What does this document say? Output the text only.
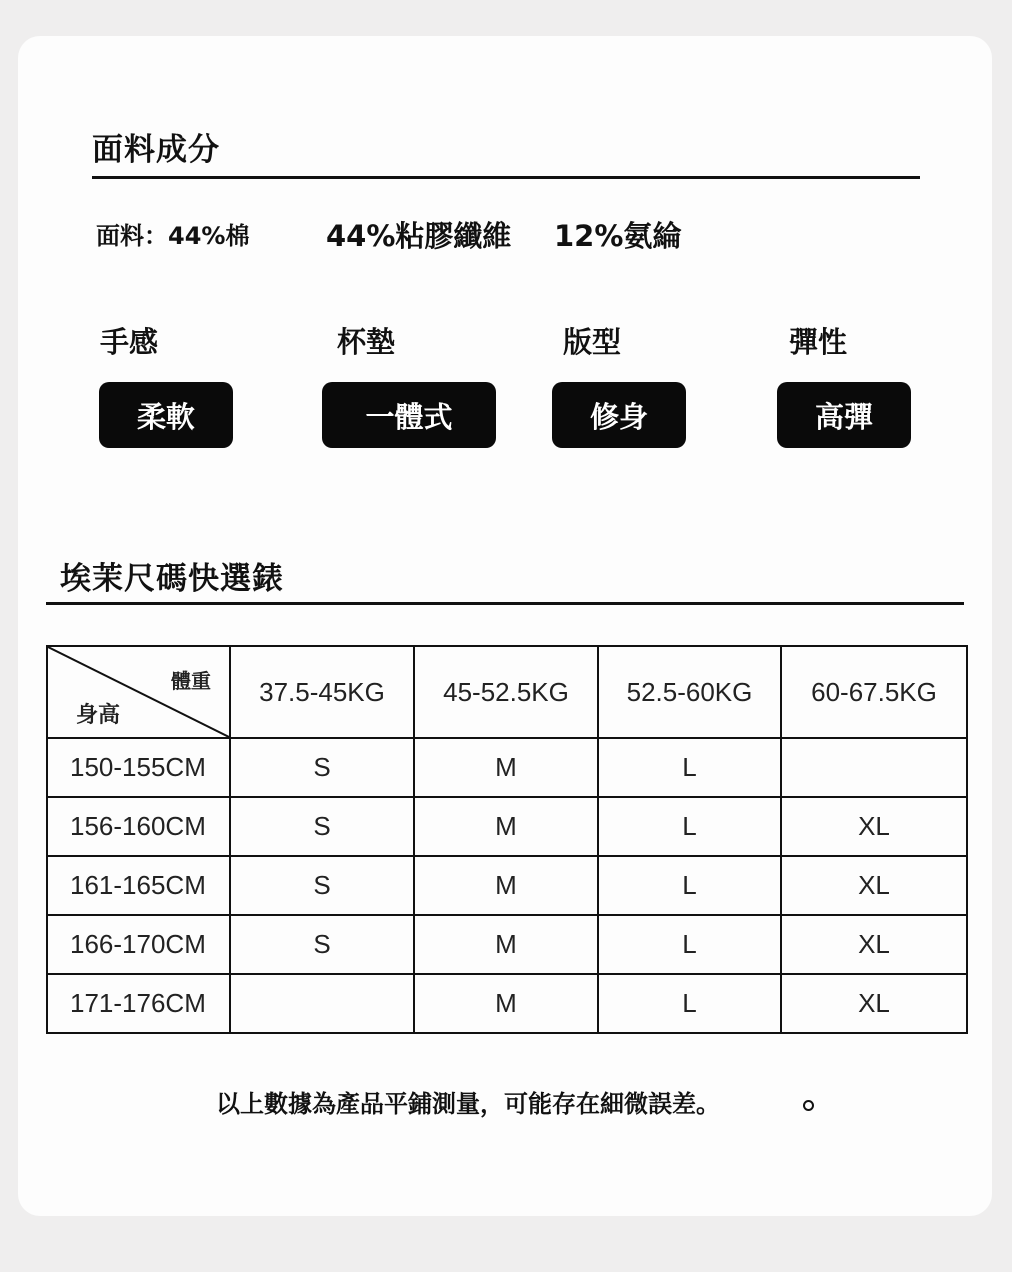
面料成分
面料：44%棉	44%粘膠纖維 12%氨綸
手感	杯墊	版型	彈性
柔軟	一體式	修身	高彈
埃茉尺碼快選錶
體重
身高	37.5-45KG	45-52.5KG	52.5-60KG	60-67.5KG
150-155CM	S	M	L	
156-160CM	S	M	L	XL
161-165CM	S	M	L	XL
166-170CM	S	M	L	XL
171-176CM		M	L	XL
以上數據為產品平鋪測量，可能存在細微誤差。
